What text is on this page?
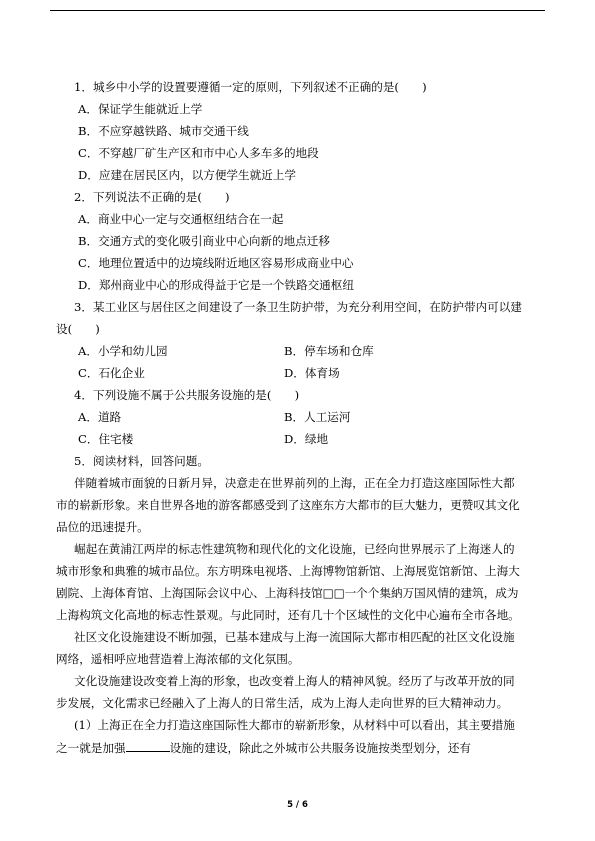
1．城乡中小学的设置要遵循一定的原则，下列叙述不正确的是(　　)
A．保证学生能就近上学
B．不应穿越铁路、城市交通干线
C．不穿越厂矿生产区和市中心人多车多的地段
D．应建在居民区内，以方便学生就近上学
2．下列说法不正确的是(　　)
A．商业中心一定与交通枢纽结合在一起
B．交通方式的变化吸引商业中心向新的地点迁移
C．地理位置适中的边境线附近地区容易形成商业中心
D．郑州商业中心的形成得益于它是一个铁路交通枢纽
3．某工业区与居住区之间建设了一条卫生防护带，为充分利用空间，在防护带内可以建
设(　　)
A．小学和幼儿园	B．停车场和仓库
C．石化企业	D．体育场
4．下列设施不属于公共服务设施的是(　　)
A．道路	B．人工运河
C．住宅楼	D．绿地
5．阅读材料，回答问题。
伴随着城市面貌的日新月异，决意走在世界前列的上海，正在全力打造这座国际性大都
市的崭新形象。来自世界各地的游客都感受到了这座东方大都市的巨大魅力，更赞叹其文化
品位的迅速提升。
崛起在黄浦江两岸的标志性建筑物和现代化的文化设施，已经向世界展示了上海迷人的
城市形象和典雅的城市品位。东方明珠电视塔、上海博物馆新馆、上海展览馆新馆、上海大
剧院、上海体育馆、上海国际会议中心、上海科技馆□□一个个集納万国风情的建筑，成为
上海构筑文化高地的标志性景观。与此同时，还有几十个区域性的文化中心遍布全市各地。
社区文化设施建设不断加强，已基本建成与上海一流国际大都市相匹配的社区文化设施
网络，遥相呼应地营造着上海浓郁的文化氛围。
文化设施建设改变着上海的形象，也改变着上海人的精神风貌。经历了与改革开放的同
步发展，文化需求已经融入了上海人的日常生活，成为上海人走向世界的巨大精神动力。
(1）上海正在全力打造这座国际性大都市的崭新形象，从材料中可以看出，其主要措施
之一就是加强	设施的建设，除此之外城市公共服务设施按类型划分，还有
5 / 6
